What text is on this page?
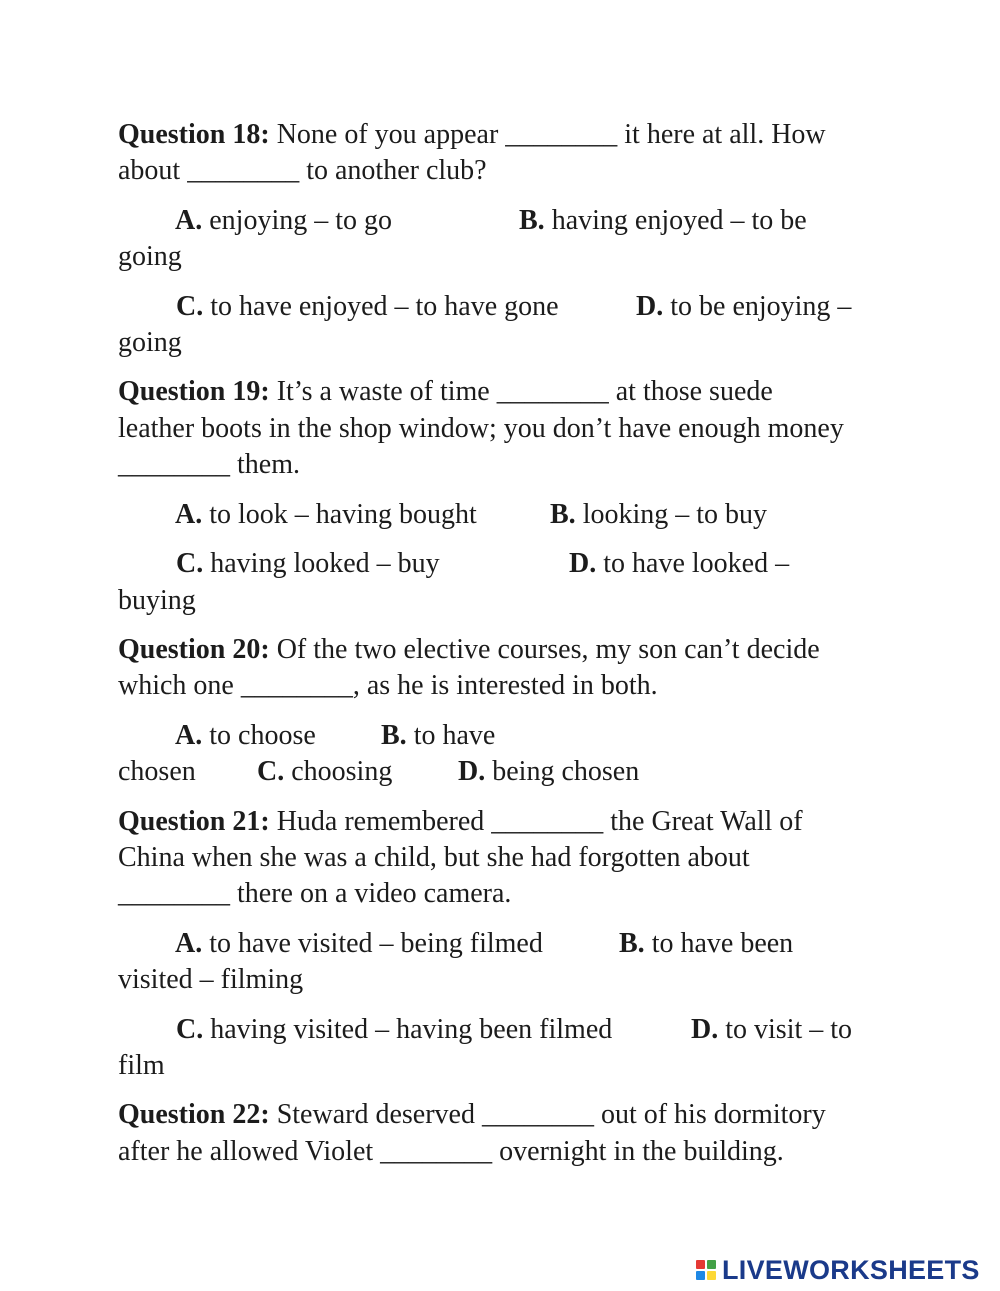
Question 18: None of you appear ________ it here at all. How
about ________ to another club?
A. enjoying – to go	B. having enjoyed – to be
going
C. to have enjoyed – to have gone	D. to be enjoying –
going
Question 19: It’s a waste of time ________ at those suede
leather boots in the shop window; you don’t have enough money
________ them.
A. to look – having bought	B. looking – to buy
C. having looked – buy	D. to have looked –
buying
Question 20: Of the two elective courses, my son can’t decide
which one ________, as he is interested in both.
A. to choose B. to have
chosen C. choosing D. being chosen
Question 21: Huda remembered ________ the Great Wall of
China when she was a child, but she had forgotten about
________ there on a video camera.
A. to have visited – being filmed	B. to have been
visited – filming
C. having visited – having been filmed	D. to visit – to
film
Question 22: Steward deserved ________ out of his dormitory
after he allowed Violet ________ overnight in the building.
LIVEWORKSHEETS
